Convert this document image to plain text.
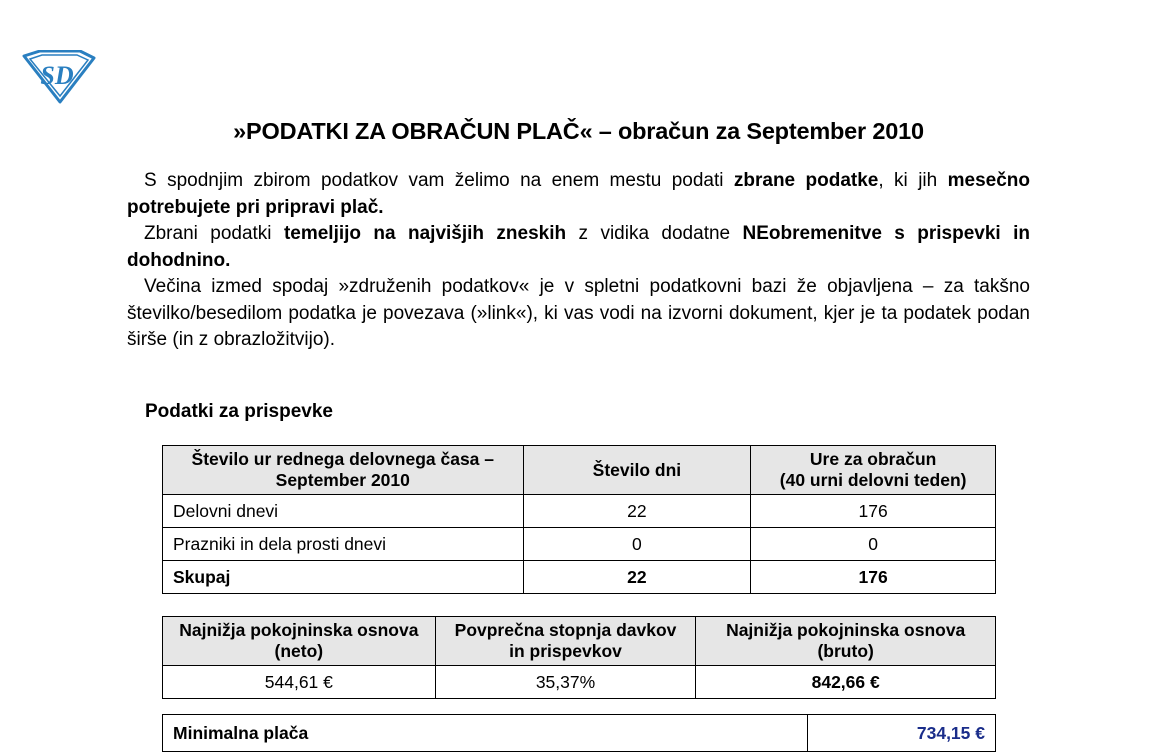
SD
»PODATKI ZA OBRAČUN PLAČ« – obračun za September 2010
S spodnjim zbirom podatkov vam želimo na enem mestu podati zbrane podatke, ki jih mesečno potrebujete pri pripravi plač.
Zbrani podatki temeljijo na najvišjih zneskih z vidika dodatne NEobremenitve s prispevki in dohodnino.
Večina izmed spodaj »združenih podatkov« je v spletni podatkovni bazi že objavljena – za takšno številko/besedilom podatka je povezava (»link«), ki vas vodi na izvorni dokument, kjer je ta podatek podan širše (in z obrazložitvijo).
Podatki za prispevke
Število ur rednega delovnega časa – September 2010	Število dni	Ure za obračun
(40 urni delovni teden)
Delovni dnevi	22	176
Prazniki in dela prosti dnevi	0	0
Skupaj	22	176
Najnižja pokojninska osnova (neto)	Povprečna stopnja davkov in prispevkov	Najnižja pokojninska osnova (bruto)
544,61 €	35,37%	842,66 €
Minimalna plača	734,15 €
